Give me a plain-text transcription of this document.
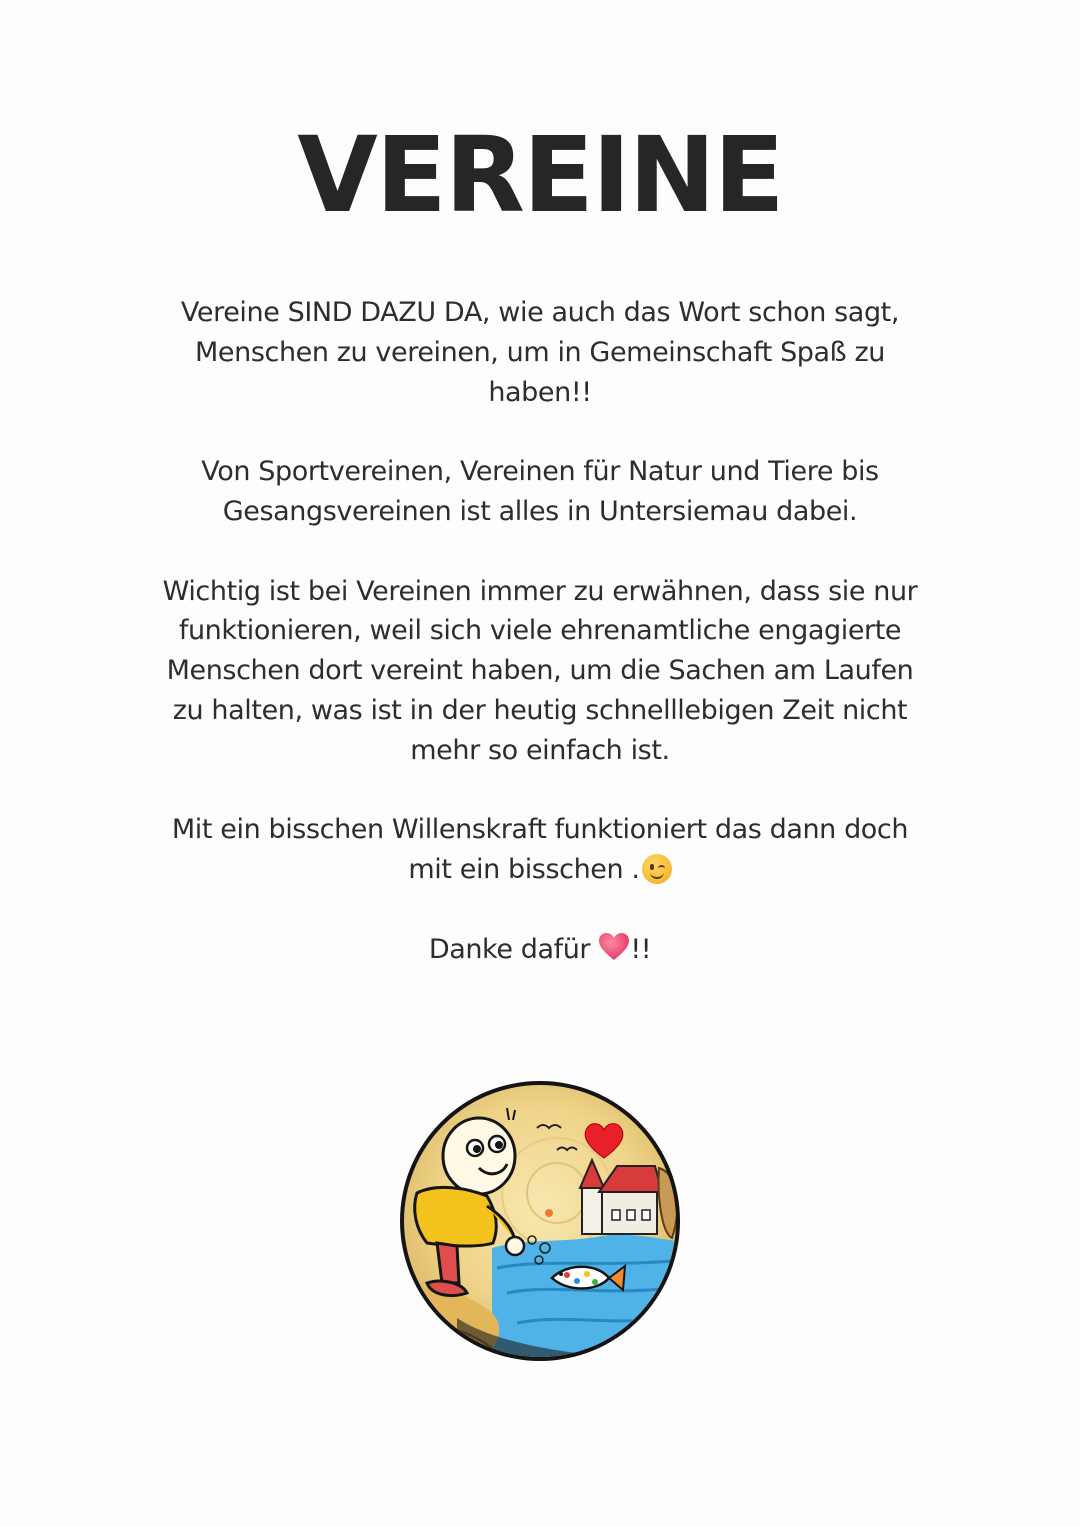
VEREINE

Vereine SIND DAZU DA, wie auch das Wort schon sagt, Menschen zu vereinen, um in Gemeinschaft Spaß zu haben!!

Von Sportvereinen, Vereinen für Natur und Tiere bis Gesangsvereinen ist alles in Untersiemau dabei.

Wichtig ist bei Vereinen immer zu erwähnen, dass sie nur funktionieren, weil sich viele ehrenamtliche engagierte Menschen dort vereint haben, um die Sachen am Laufen zu halten, was ist in der heutig schnelllebigen Zeit nicht mehr so einfach ist.

Mit ein bisschen Willenskraft funktioniert das dann doch mit ein bisschen .

Danke dafür !!
